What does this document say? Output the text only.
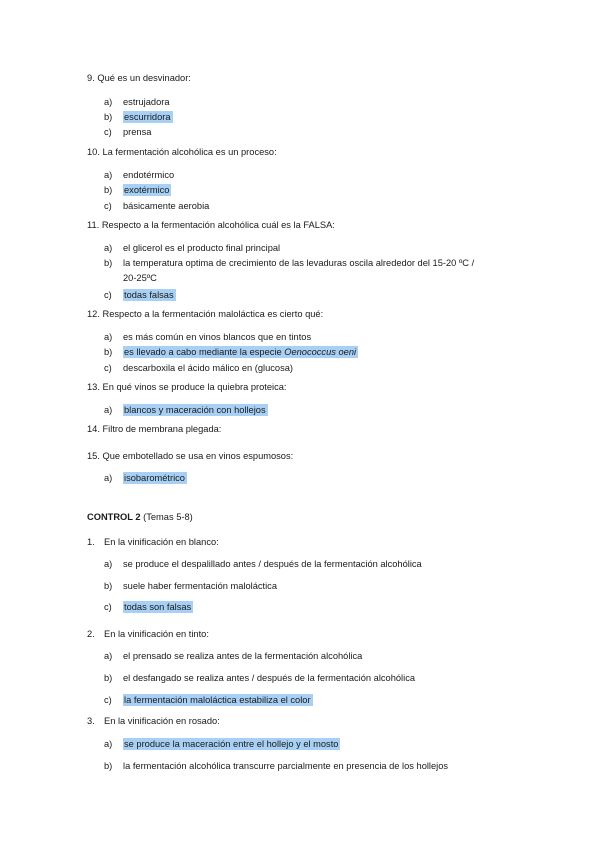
9. Qué es un desvinador:
a) estrujadora
b) escurridora
c) prensa
10. La fermentación alcohólica es un proceso:
a) endotérmico
b) exotérmico
c) básicamente aerobia
11. Respecto a la fermentación alcohólica cuál es la FALSA:
a) el glicerol es el producto final principal
b) la temperatura optima de crecimiento de las levaduras oscila alrededor del 15-20 ºC /
20-25ºC
c) todas falsas
12. Respecto a la fermentación maloláctica es cierto qué:
a) es más común en vinos blancos que en tintos
b) es llevado a cabo mediante la especie Oenococcus oeni
c) descarboxila el ácido málico en (glucosa)
13. En qué vinos se produce la quiebra proteica:
a) blancos y maceración con hollejos
14. Filtro de membrana plegada:
15. Que embotellado se usa en vinos espumosos:
a) isobarométrico
CONTROL 2 (Temas 5-8)
1. En la vinificación en blanco:
a) se produce el despalillado antes / después de la fermentación alcohólica
b) suele haber fermentación maloláctica
c) todas son falsas
2. En la vinificación en tinto:
a) el prensado se realiza antes de la fermentación alcohólica
b) el desfangado se realiza antes / después de la fermentación alcohólica
c) la fermentación maloláctica estabiliza el color
3. En la vinificación en rosado:
a) se produce la maceración entre el hollejo y el mosto
b) la fermentación alcohólica transcurre parcialmente en presencia de los hollejos
